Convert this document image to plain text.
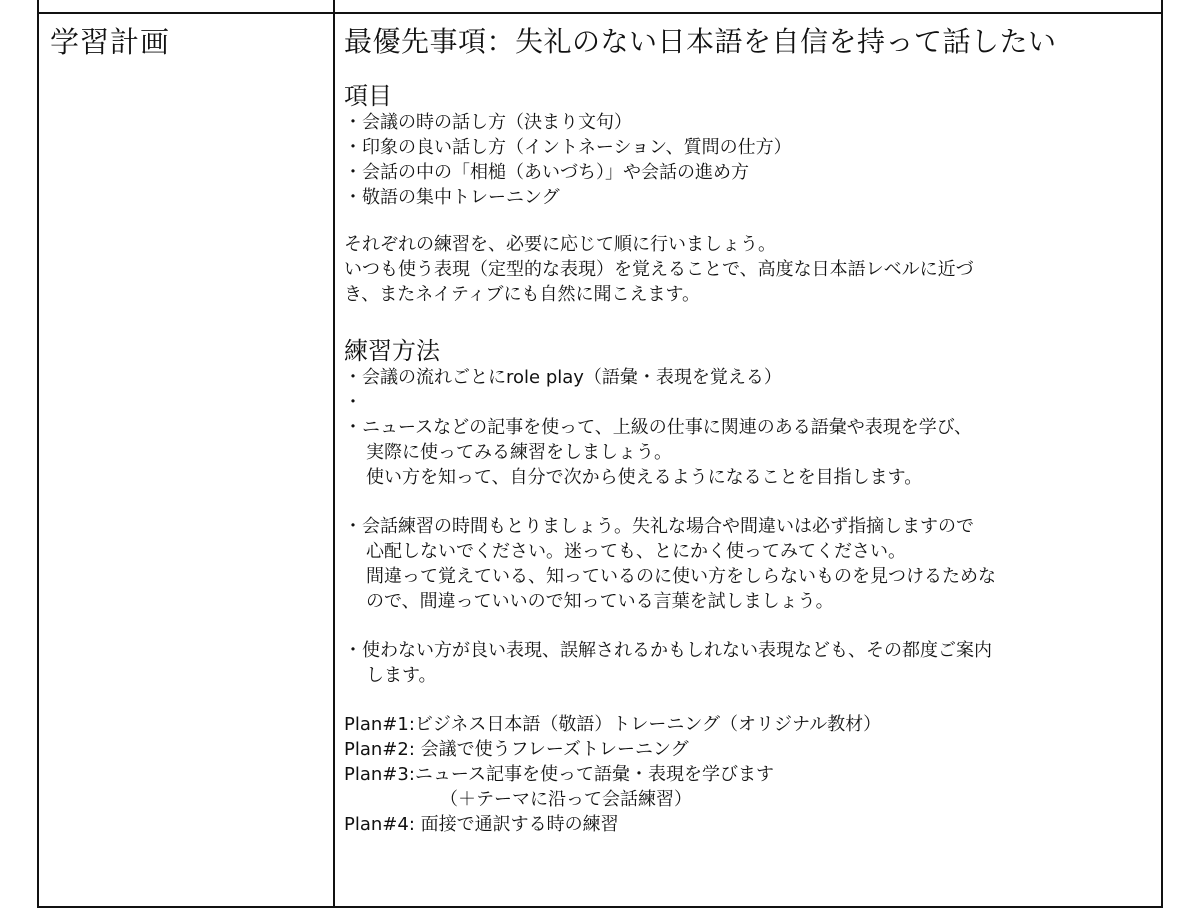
学習計画	最優先事項：失礼のない日本語を自信を持って話したい
項目
・会議の時の話し方（決まり文句）
・印象の良い話し方（イントネーション、質問の仕方）
・会話の中の「相槌（あいづち）」や会話の進め方
・敬語の集中トレーニング
それぞれの練習を、必要に応じて順に行いましょう。
いつも使う表現（定型的な表現）を覚えることで、高度な日本語レベルに近づ
き、またネイティブにも自然に聞こえます。
練習方法
・会議の流れごとにrole play（語彙・表現を覚える）
・
・ニュースなどの記事を使って、上級の仕事に関連のある語彙や表現を学び、
実際に使ってみる練習をしましょう。
使い方を知って、自分で次から使えるようになることを目指します。
・会話練習の時間もとりましょう。失礼な場合や間違いは必ず指摘しますので
心配しないでください。迷っても、とにかく使ってみてください。
間違って覚えている、知っているのに使い方をしらないものを見つけるためな
ので、間違っていいので知っている言葉を試しましょう。
・使わない方が良い表現、誤解されるかもしれない表現なども、その都度ご案内
します。
Plan#1:ビジネス日本語（敬語）トレーニング（オリジナル教材）
Plan#2: 会議で使うフレーズトレーニング
Plan#3:ニュース記事を使って語彙・表現を学びます
（＋テーマに沿って会話練習）
Plan#4: 面接で通訳する時の練習
